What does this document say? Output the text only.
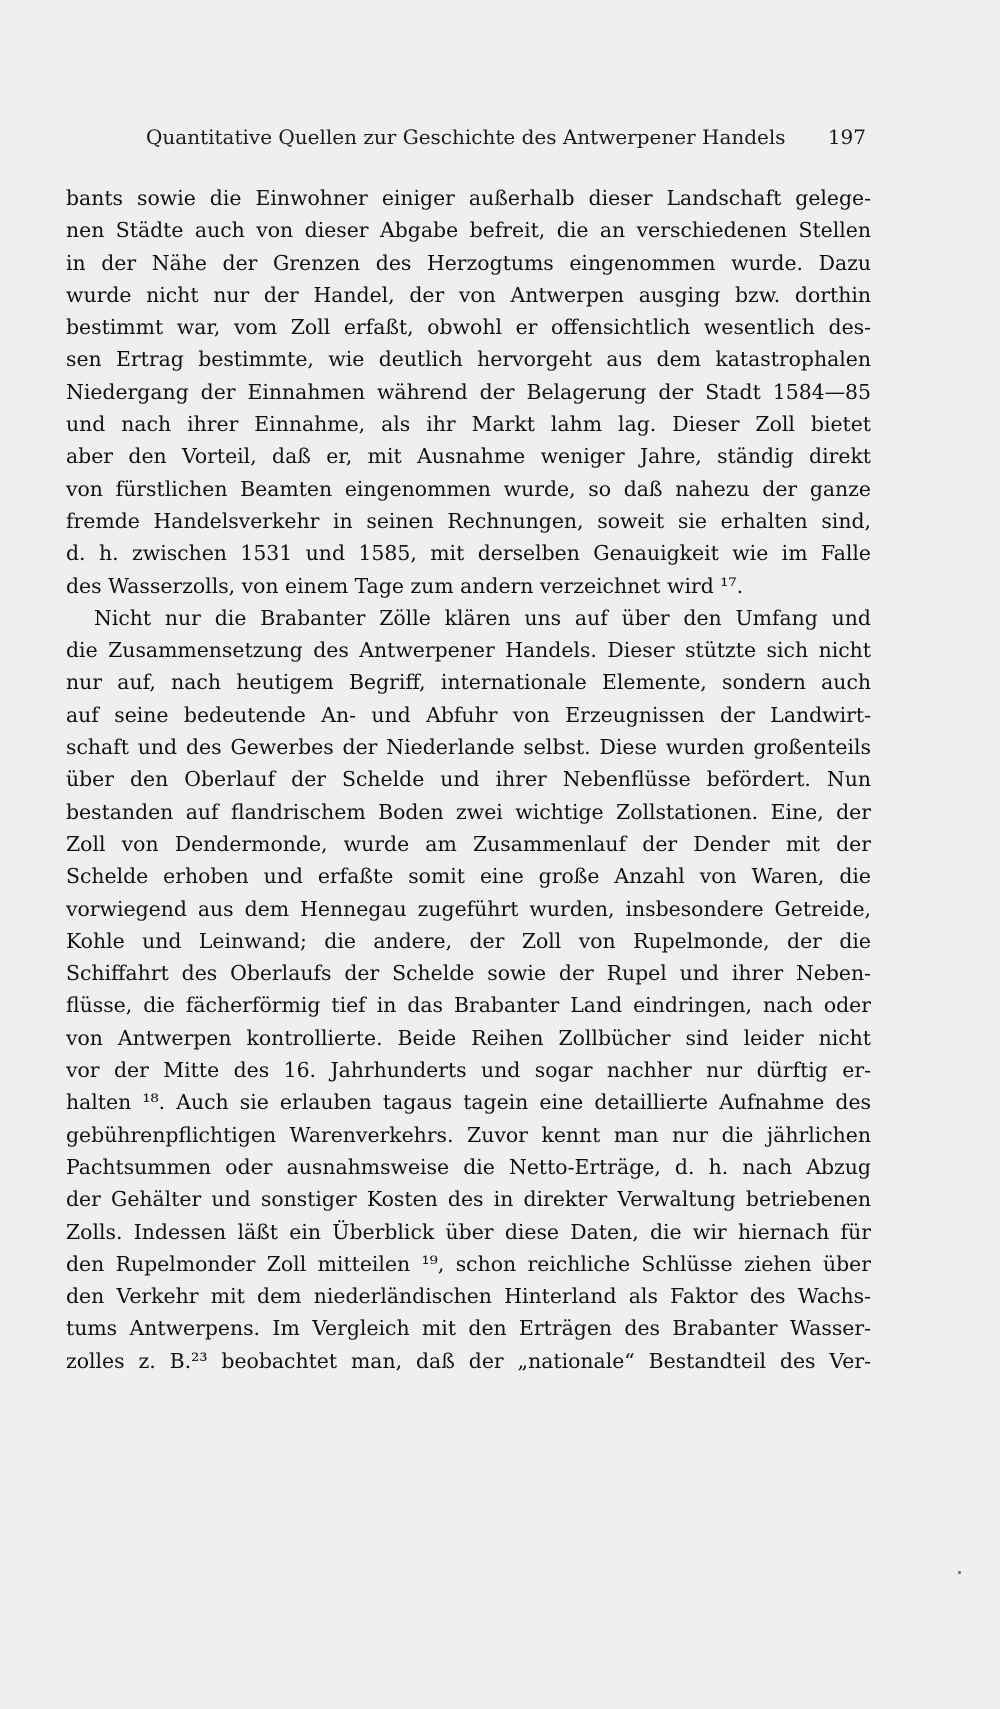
Quantitative Quellen zur Geschichte des Antwerpener Handels 197
bants sowie die Einwohner einiger außerhalb dieser Landschaft gelege-
nen Städte auch von dieser Abgabe befreit, die an verschiedenen Stellen
in der Nähe der Grenzen des Herzogtums eingenommen wurde. Dazu
wurde nicht nur der Handel, der von Antwerpen ausging bzw. dorthin
bestimmt war, vom Zoll erfaßt, obwohl er offensichtlich wesentlich des-
sen Ertrag bestimmte, wie deutlich hervorgeht aus dem katastrophalen
Niedergang der Einnahmen während der Belagerung der Stadt 1584—85
und nach ihrer Einnahme, als ihr Markt lahm lag. Dieser Zoll bietet
aber den Vorteil, daß er, mit Ausnahme weniger Jahre, ständig direkt
von fürstlichen Beamten eingenommen wurde, so daß nahezu der ganze
fremde Handelsverkehr in seinen Rechnungen, soweit sie erhalten sind,
d. h. zwischen 1531 und 1585, mit derselben Genauigkeit wie im Falle
des Wasserzolls, von einem Tage zum andern verzeichnet wird ¹⁷.
Nicht nur die Brabanter Zölle klären uns auf über den Umfang und
die Zusammensetzung des Antwerpener Handels. Dieser stützte sich nicht
nur auf, nach heutigem Begriff, internationale Elemente, sondern auch
auf seine bedeutende An- und Abfuhr von Erzeugnissen der Landwirt-
schaft und des Gewerbes der Niederlande selbst. Diese wurden großenteils
über den Oberlauf der Schelde und ihrer Nebenflüsse befördert. Nun
bestanden auf flandrischem Boden zwei wichtige Zollstationen. Eine, der
Zoll von Dendermonde, wurde am Zusammenlauf der Dender mit der
Schelde erhoben und erfaßte somit eine große Anzahl von Waren, die
vorwiegend aus dem Hennegau zugeführt wurden, insbesondere Getreide,
Kohle und Leinwand; die andere, der Zoll von Rupelmonde, der die
Schiffahrt des Oberlaufs der Schelde sowie der Rupel und ihrer Neben-
flüsse, die fächerförmig tief in das Brabanter Land eindringen, nach oder
von Antwerpen kontrollierte. Beide Reihen Zollbücher sind leider nicht
vor der Mitte des 16. Jahrhunderts und sogar nachher nur dürftig er-
halten ¹⁸. Auch sie erlauben tagaus tagein eine detaillierte Aufnahme des
gebührenpflichtigen Warenverkehrs. Zuvor kennt man nur die jährlichen
Pachtsummen oder ausnahmsweise die Netto-Erträge, d. h. nach Abzug
der Gehälter und sonstiger Kosten des in direkter Verwaltung betriebenen
Zolls. Indessen läßt ein Überblick über diese Daten, die wir hiernach für
den Rupelmonder Zoll mitteilen ¹⁹, schon reichliche Schlüsse ziehen über
den Verkehr mit dem niederländischen Hinterland als Faktor des Wachs-
tums Antwerpens. Im Vergleich mit den Erträgen des Brabanter Wasser-
zolles z. B.²³ beobachtet man, daß der „nationale“ Bestandteil des Ver-
